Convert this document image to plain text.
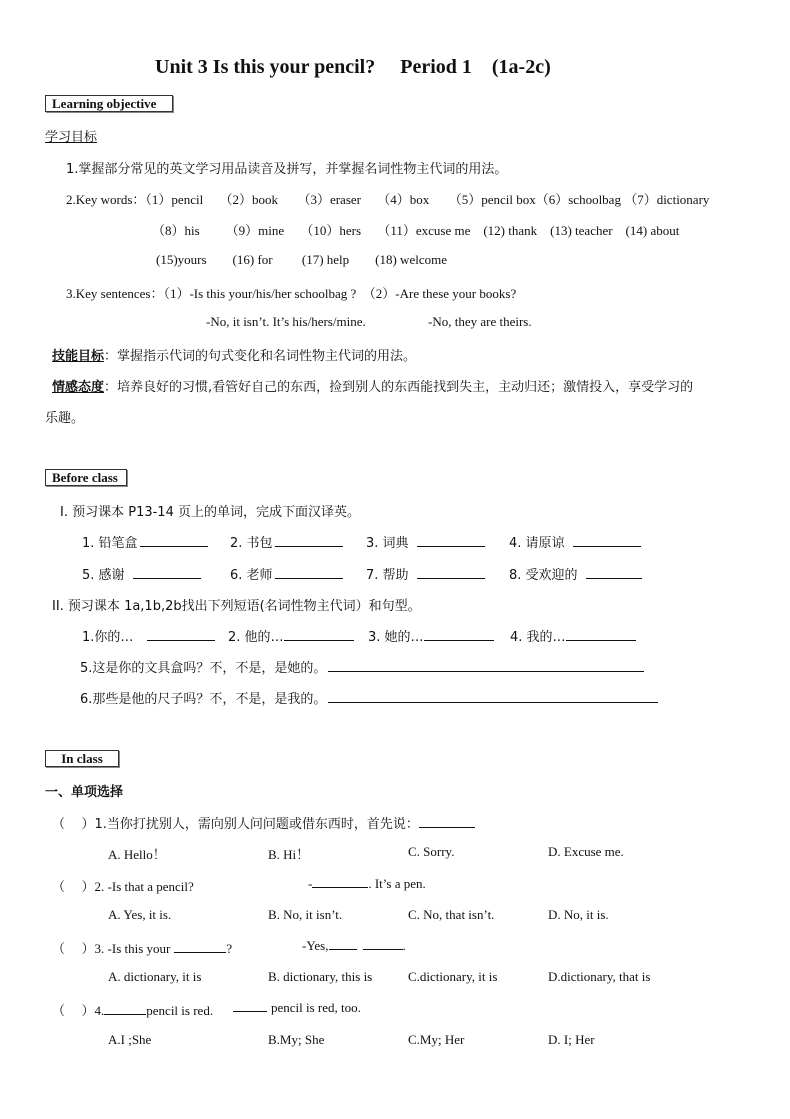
Unit 3 Is this your pencil?     Period 1    (1a-2c)
Learning objective
学习目标
1.掌握部分常见的英文学习用品读音及拼写，并掌握名词性物主代词的用法。
2.Key words：（1）pencil     （2）book      （3）eraser     （4）box      （5）pencil box（6）schoolbag （7）dictionary
（8）his        （9）mine     （10）hers     （11）excuse me    (12) thank    (13) teacher    (14) about
(15)yours        (16) for         (17) help        (18) welcome
3.Key sentences：（1）-Is this your/his/her schoolbag ?  （2）-Are these your books?
-No, it isn’t. It’s his/hers/mine.	-No, they are theirs.
技能目标：掌握指示代词的句式变化和名词性物主代词的用法。
情感态度：培养良好的习惯,看管好自己的东西，捡到别人的东西能找到失主，主动归还；激情投入，享受学习的
乐趣。
Before class
I. 预习课本 P13-14 页上的单词，完成下面汉译英。
1. 铅笔盒	2. 书包	3. 词典	4. 请原谅
5. 感谢	6. 老师	7. 帮助	8. 受欢迎的
II. 预习课本 1a,1b,2b找出下列短语(名词性物主代词）和句型。
1.你的…	2. 他的…	3. 她的…	4. 我的…
5.这是你的文具盒吗？不，不是，是她的。
6.那些是他的尺子吗？不，不是，是我的。
In class
一、单项选择
（    ）1.当你打扰别人，需向别人问问题或借东西时，首先说：
A. Hello！	B. Hi！	C. Sorry.	D. Excuse me.
（    ）2. -Is that a pencil?	-	. It’s a pen.
A. Yes, it is.	B. No, it isn’t.	C. No, that isn’t.	D. No, it is.
（    ）3. -Is this your	?	-Yes,	.
A. dictionary, it is	B. dictionary, this is	C.dictionary, it is	D.dictionary, that is
（    ）4.	pencil is red.	pencil is red, too.
A.I ;She	B.My; She	C.My; Her	D. I; Her
